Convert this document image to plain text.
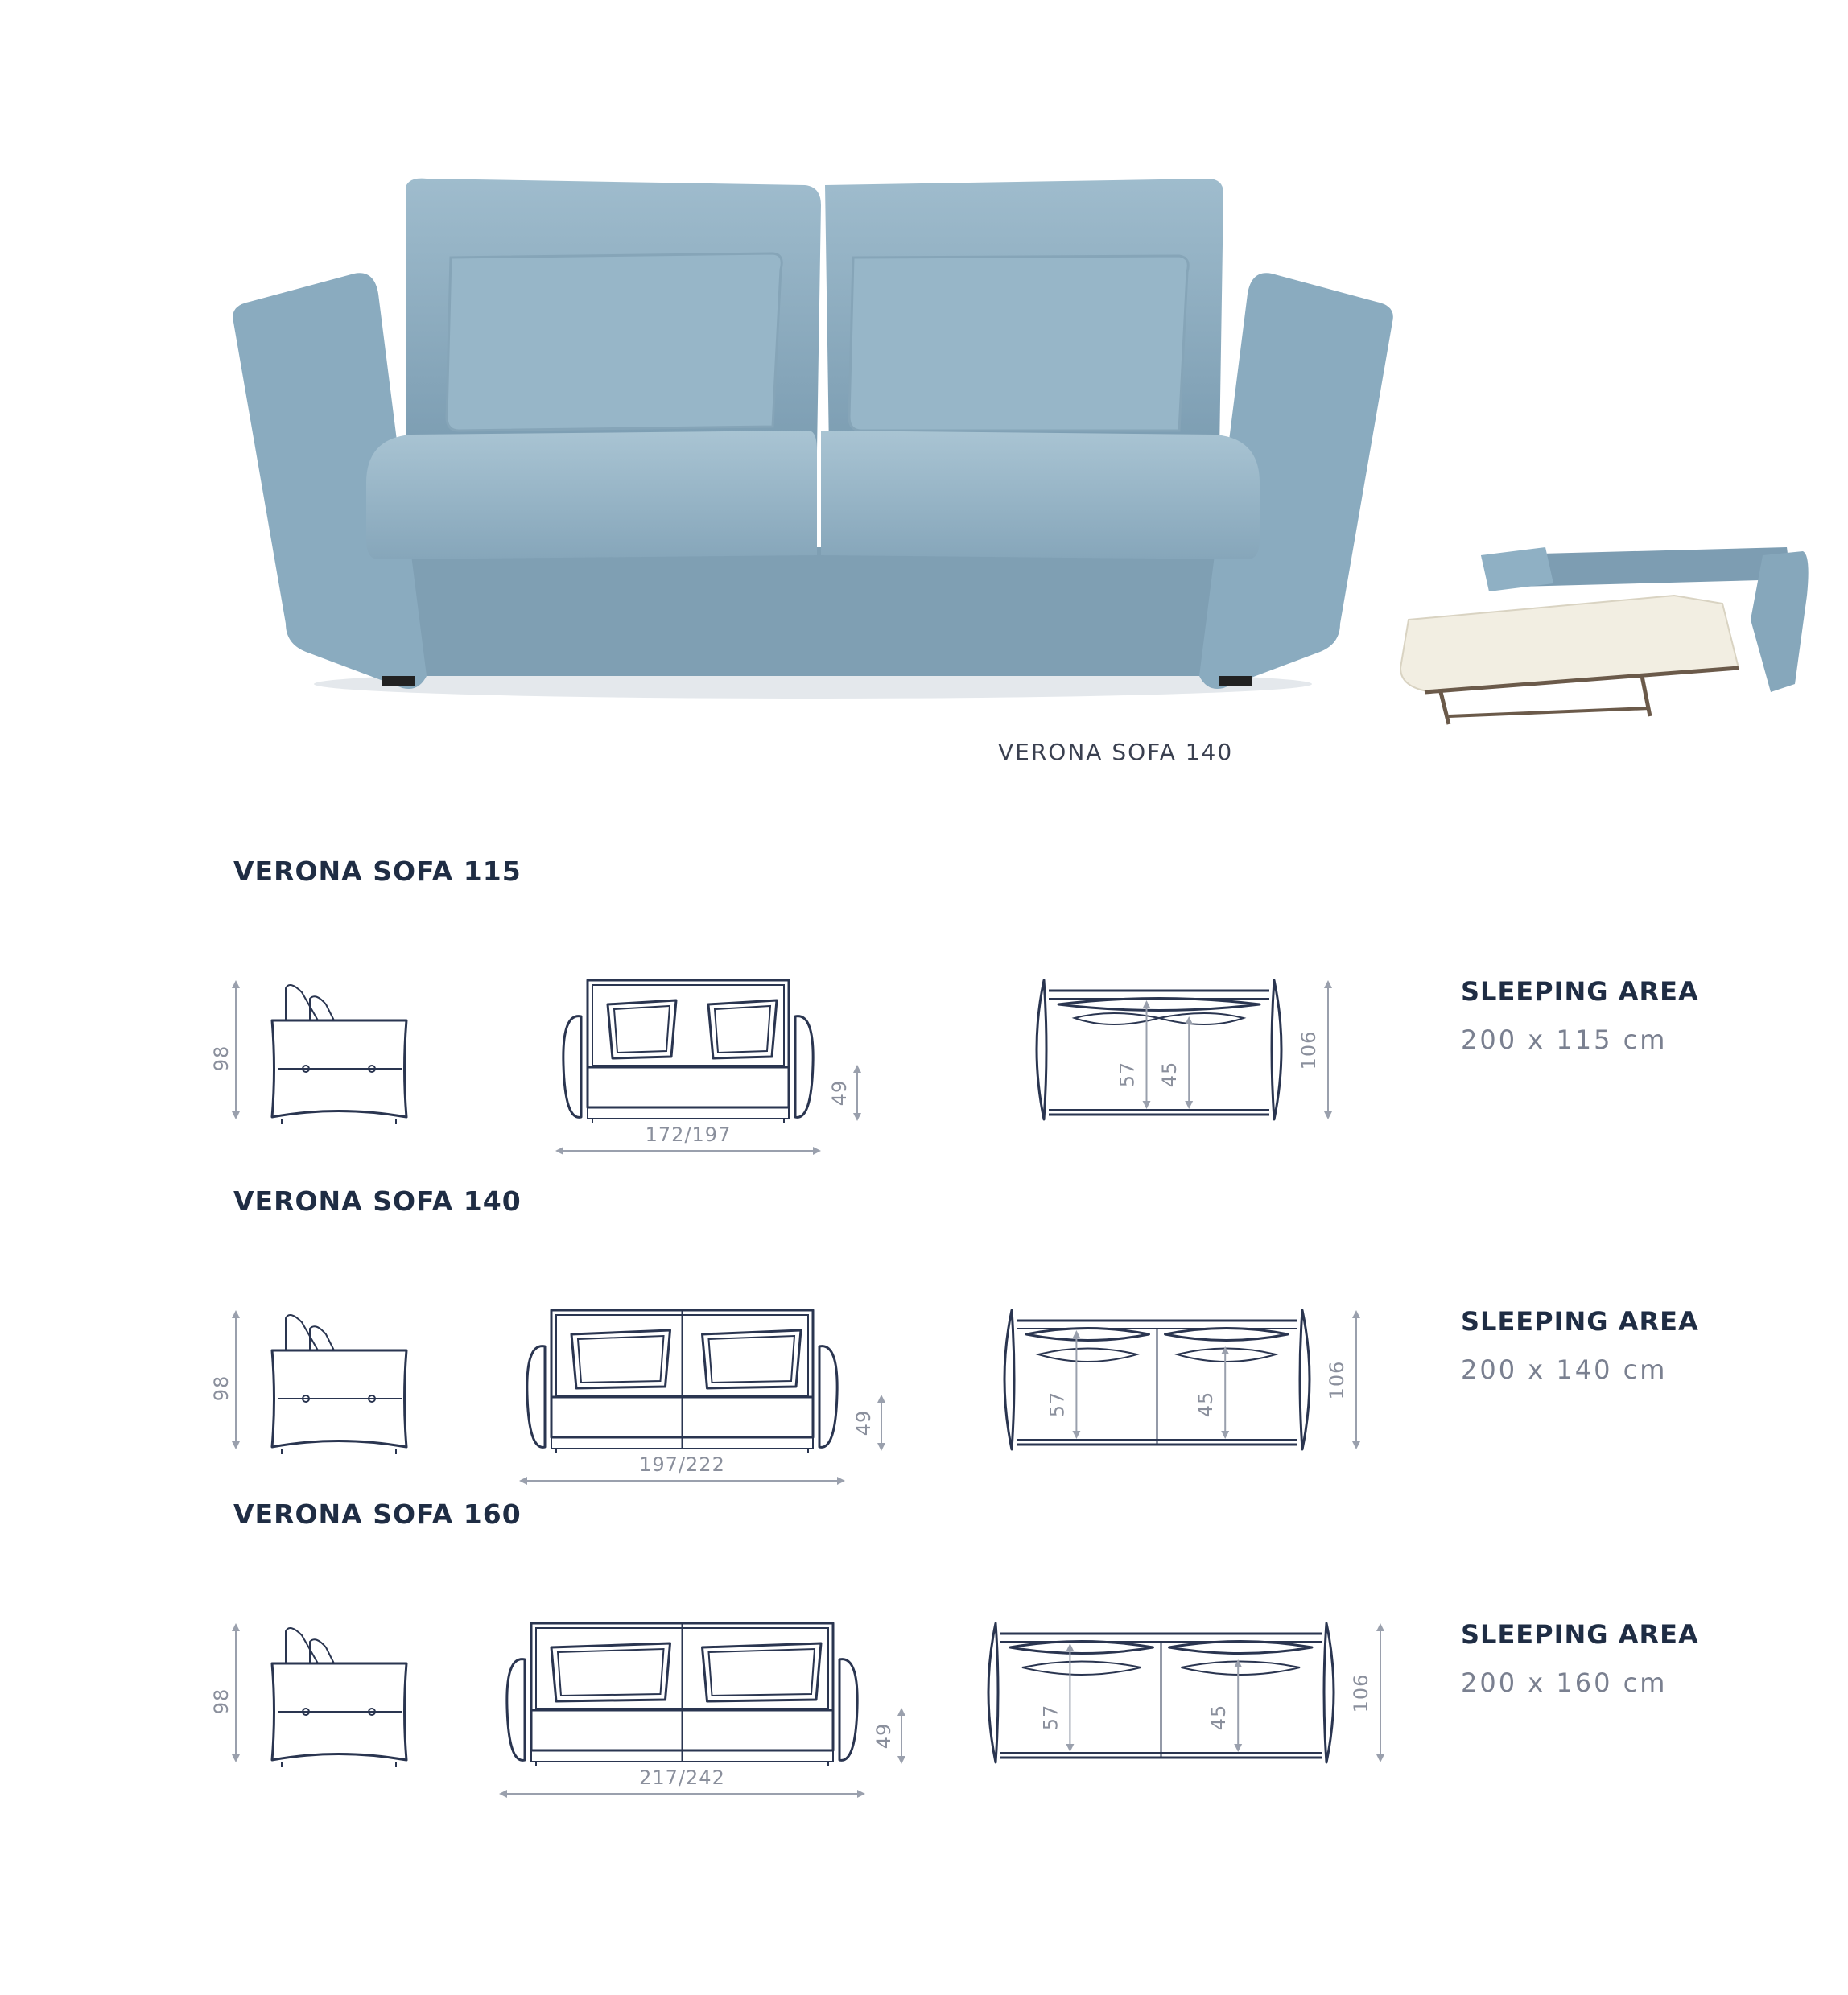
VERONA SOFA 140
VERONA SOFA 115
98
49
172/197
57 45
106
SLEEPING AREA
200 x 115 cm
VERONA SOFA 140
98
49
197/222
57	45
106
SLEEPING AREA
200 x 140 cm
VERONA SOFA 160
98
49
217/242
57	45
106
SLEEPING AREA
200 x 160 cm
